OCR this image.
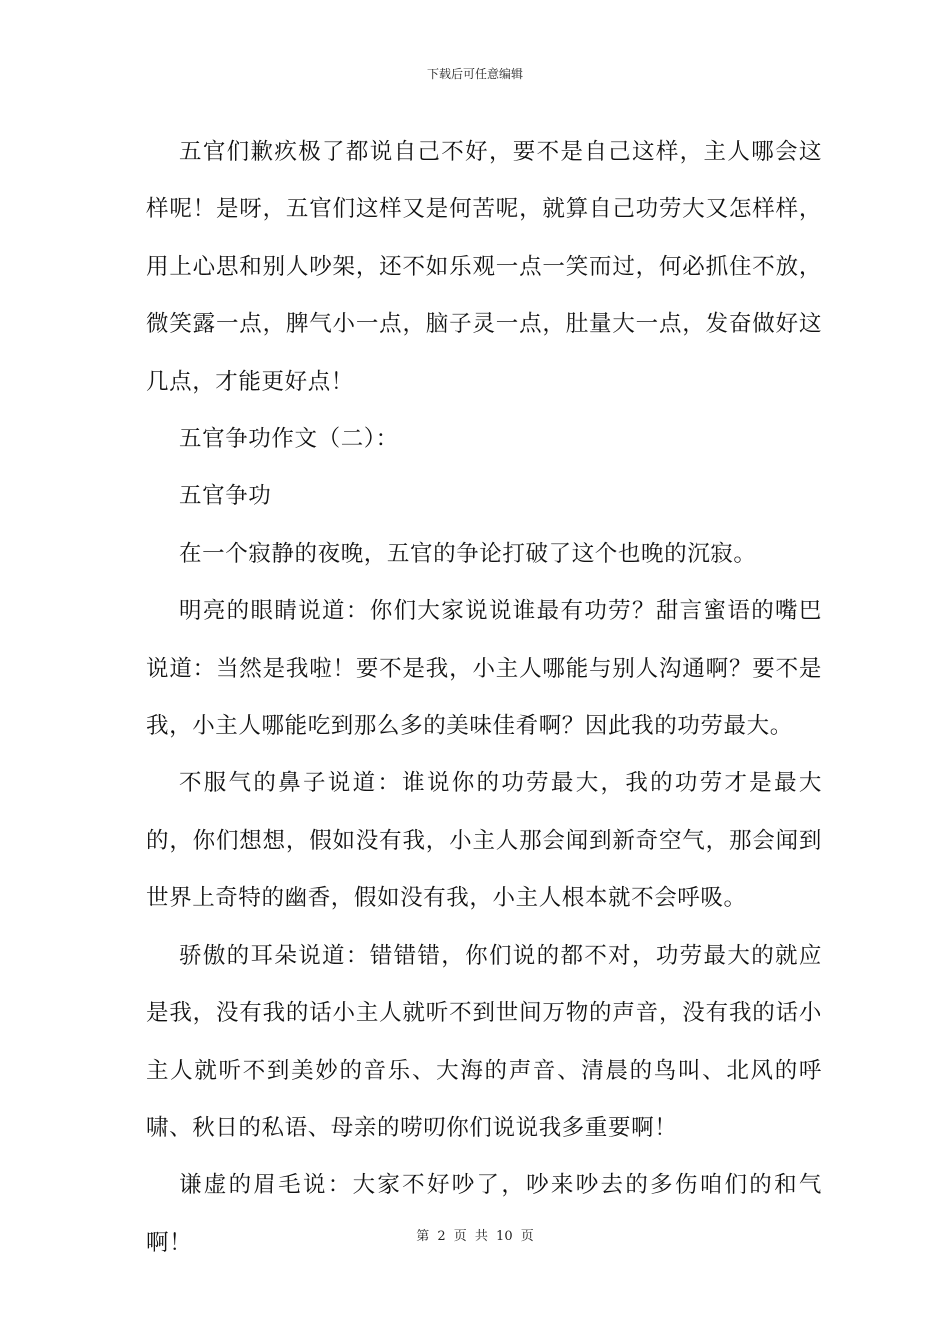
下载后可任意编辑

五官们歉疚极了都说自己不好，要不是自己这样，主人哪会这样呢！是呀，五官们这样又是何苦呢，就算自己功劳大又怎样样，用上心思和别人吵架，还不如乐观一点一笑而过，何必抓住不放，微笑露一点，脾气小一点，脑子灵一点，肚量大一点，发奋做好这几点，才能更好点！

五官争功作文（二）：

五官争功

在一个寂静的夜晚，五官的争论打破了这个也晚的沉寂。

明亮的眼睛说道：你们大家说说谁最有功劳？甜言蜜语的嘴巴说道：当然是我啦！要不是我，小主人哪能与别人沟通啊？要不是我，小主人哪能吃到那么多的美味佳肴啊？因此我的功劳最大。

不服气的鼻子说道：谁说你的功劳最大，我的功劳才是最大的，你们想想，假如没有我，小主人那会闻到新奇空气，那会闻到世界上奇特的幽香，假如没有我，小主人根本就不会呼吸。

骄傲的耳朵说道：错错错，你们说的都不对，功劳最大的就应是我，没有我的话小主人就听不到世间万物的声音，没有我的话小主人就听不到美妙的音乐、大海的声音、清晨的鸟叫、北风的呼啸、秋日的私语、母亲的唠叨你们说说我多重要啊！

谦虚的眉毛说：大家不好吵了，吵来吵去的多伤咱们的和气啊！	第 2 页 共 10 页
